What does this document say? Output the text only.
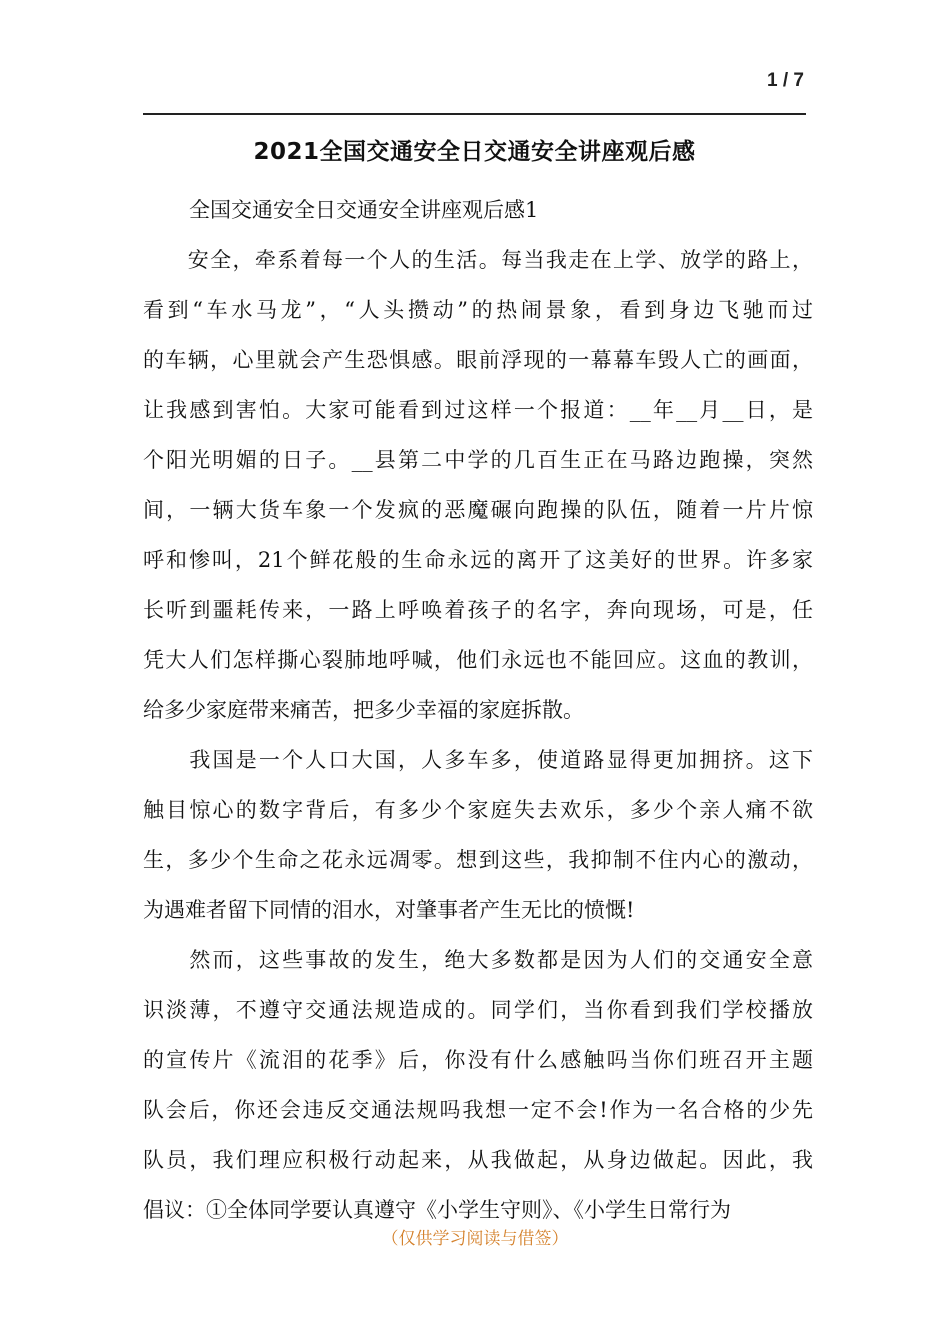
1 / 7
2021全国交通安全日交通安全讲座观后感

全国交通安全日交通安全讲座观后感1

　　安全，牵系着每一个人的生活。每当我走在上学、放学的路上，
看到“车水马龙”，“人头攒动”的热闹景象，看到身边飞驰而过
的车辆，心里就会产生恐惧感。眼前浮现的一幕幕车毁人亡的画面，
让我感到害怕。大家可能看到过这样一个报道：__年__月__日，是
个阳光明媚的日子。__县第二中学的几百生正在马路边跑操，突然
间，一辆大货车象一个发疯的恶魔碾向跑操的队伍，随着一片片惊
呼和惨叫，21个鲜花般的生命永远的离开了这美好的世界。许多家
长听到噩耗传来，一路上呼唤着孩子的名字，奔向现场，可是，任
凭大人们怎样撕心裂肺地呼喊，他们永远也不能回应。这血的教训，
给多少家庭带来痛苦，把多少幸福的家庭拆散。

　　我国是一个人口大国，人多车多，使道路显得更加拥挤。这下
触目惊心的数字背后，有多少个家庭失去欢乐，多少个亲人痛不欲
生，多少个生命之花永远凋零。想到这些，我抑制不住内心的激动，
为遇难者留下同情的泪水，对肇事者产生无比的愤慨!

　　然而，这些事故的发生，绝大多数都是因为人们的交通安全意
识淡薄，不遵守交通法规造成的。同学们，当你看到我们学校播放
的宣传片《流泪的花季》后，你没有什么感触吗当你们班召开主题
队会后，你还会违反交通法规吗我想一定不会!作为一名合格的少先
队员，我们理应积极行动起来，从我做起，从身边做起。因此，我
倡议：①全体同学要认真遵守《小学生守则》、《小学生日常行为

（仅供学习阅读与借签）
